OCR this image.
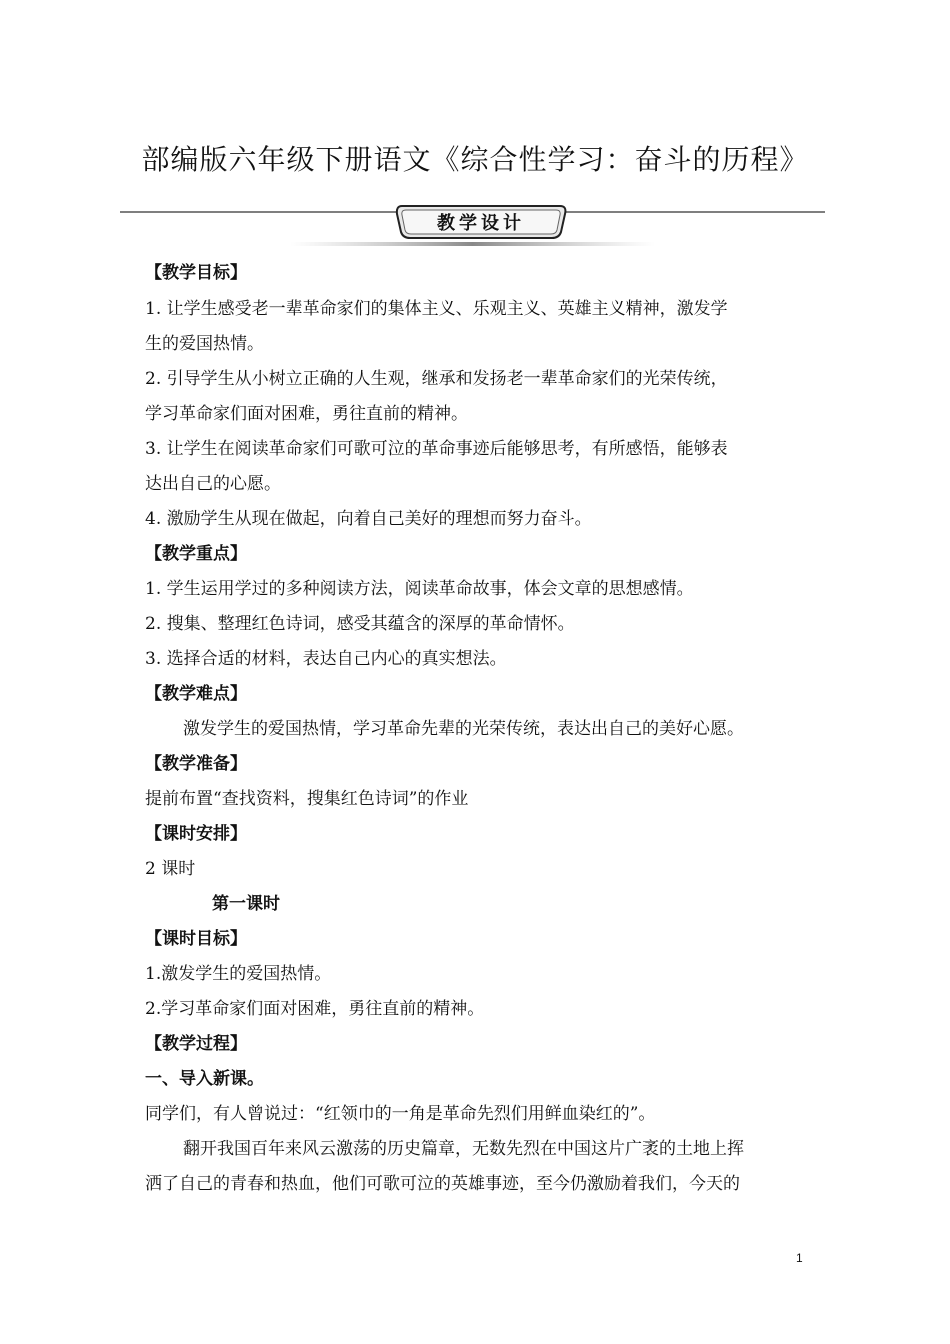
部编版六年级下册语文《综合性学习：奋斗的历程》
教学设计
【教学目标】
1. 让学生感受老一辈革命家们的集体主义、乐观主义、英雄主义精神，激发学
生的爱国热情。
2. 引导学生从小树立正确的人生观，继承和发扬老一辈革命家们的光荣传统，
学习革命家们面对困难，勇往直前的精神。
3. 让学生在阅读革命家们可歌可泣的革命事迹后能够思考，有所感悟，能够表
达出自己的心愿。
4. 激励学生从现在做起，向着自己美好的理想而努力奋斗。
【教学重点】
1. 学生运用学过的多种阅读方法，阅读革命故事，体会文章的思想感情。
2. 搜集、整理红色诗词，感受其蕴含的深厚的革命情怀。
3. 选择合适的材料，表达自己内心的真实想法。
【教学难点】
激发学生的爱国热情，学习革命先辈的光荣传统，表达出自己的美好心愿。
【教学准备】
提前布置“查找资料，搜集红色诗词”的作业
【课时安排】
2 课时
第一课时
【课时目标】
1.激发学生的爱国热情。
2.学习革命家们面对困难，勇往直前的精神。
【教学过程】
一、导入新课。
同学们，有人曾说过：“红领巾的一角是革命先烈们用鲜血染红的”。
翻开我国百年来风云激荡的历史篇章，无数先烈在中国这片广袤的土地上挥
洒了自己的青春和热血，他们可歌可泣的英雄事迹，至今仍激励着我们，今天的
1
